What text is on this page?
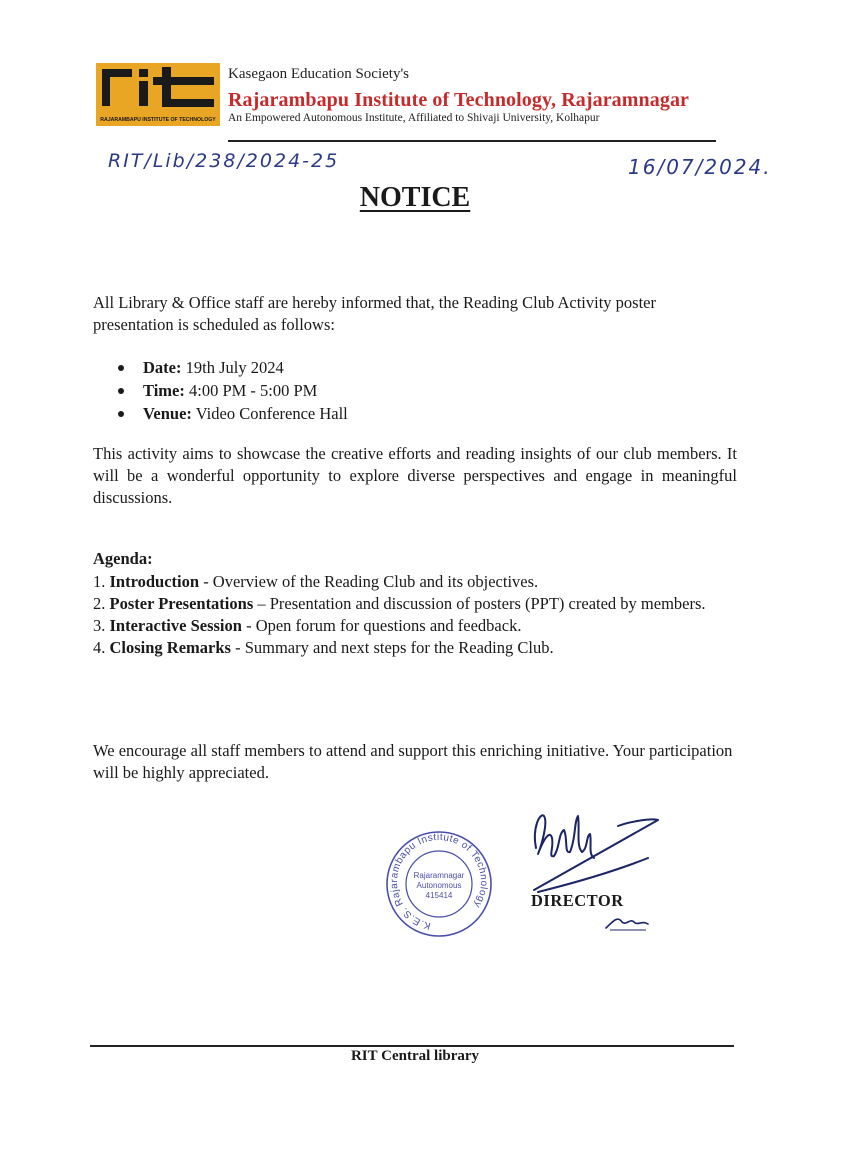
RAJARAMBAPU INSTITUTE OF TECHNOLOGY
Kasegaon Education Society's
Rajarambapu Institute of Technology, Rajaramnagar
An Empowered Autonomous Institute, Affiliated to Shivaji University, Kolhapur
RIT/Lib/238/2024-25	16/07/2024.
NOTICE
All Library & Office staff are hereby informed that, the Reading Club Activity poster presentation is scheduled as follows:
Date: 19th July 2024
Time: 4:00 PM - 5:00 PM
Venue: Video Conference Hall
This activity aims to showcase the creative efforts and reading insights of our club members. It will be a wonderful opportunity to explore diverse perspectives and engage in meaningful discussions.
Agenda:
1. Introduction - Overview of the Reading Club and its objectives.
2. Poster Presentations – Presentation and discussion of posters (PPT) created by members.
3. Interactive Session - Open forum for questions and feedback.
4. Closing Remarks - Summary and next steps for the Reading Club.
We encourage all staff members to attend and support this enriching initiative. Your participation will be highly appreciated.
K.E.S. Rajarambapu Institute of Technology
Rajaramnagar
Autonomous
415414	DIRECTOR
RIT Central library
